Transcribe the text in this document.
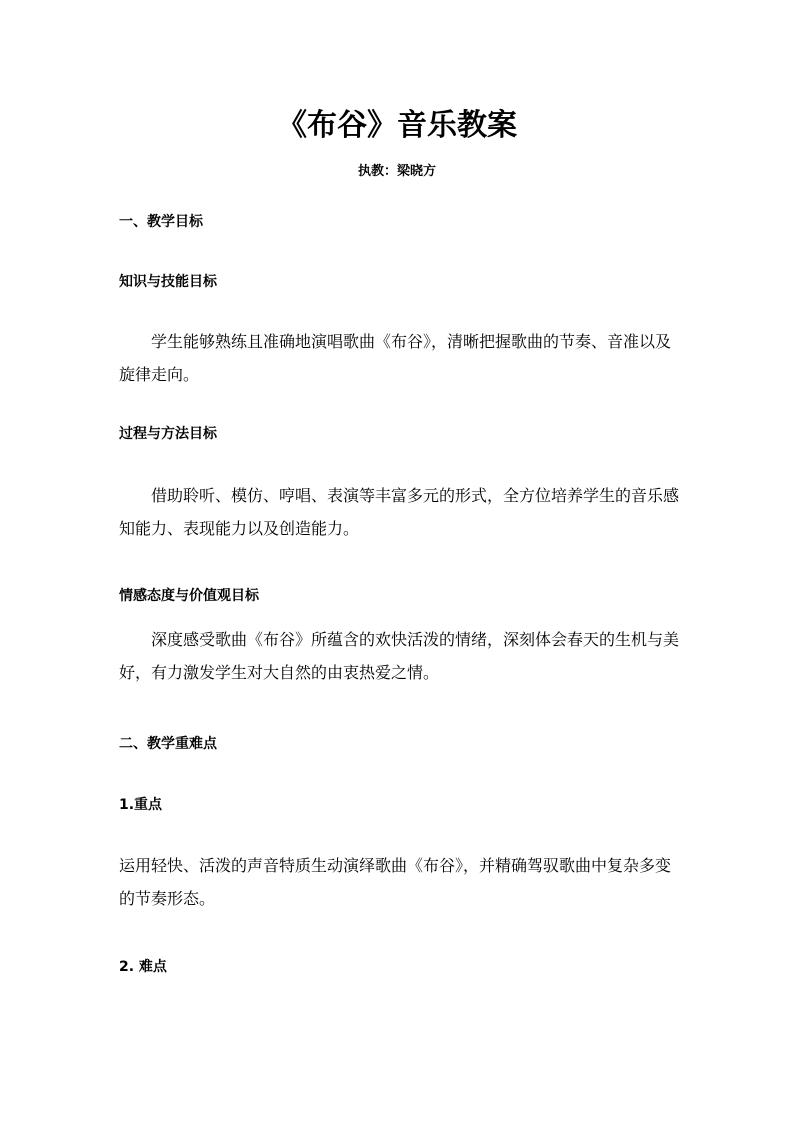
《布谷》音乐教案

执教：梁晓方

一、教学目标

知识与技能目标

学生能够熟练且准确地演唱歌曲《布谷》，清晰把握歌曲的节奏、音准以及旋律走向。

过程与方法目标

借助聆听、模仿、哼唱、表演等丰富多元的形式，全方位培养学生的音乐感知能力、表现能力以及创造能力。

情感态度与价值观目标

深度感受歌曲《布谷》所蕴含的欢快活泼的情绪，深刻体会春天的生机与美好，有力激发学生对大自然的由衷热爱之情。

二、教学重难点

1.重点

运用轻快、活泼的声音特质生动演绎歌曲《布谷》，并精确驾驭歌曲中复杂多变的节奏形态。

2. 难点
